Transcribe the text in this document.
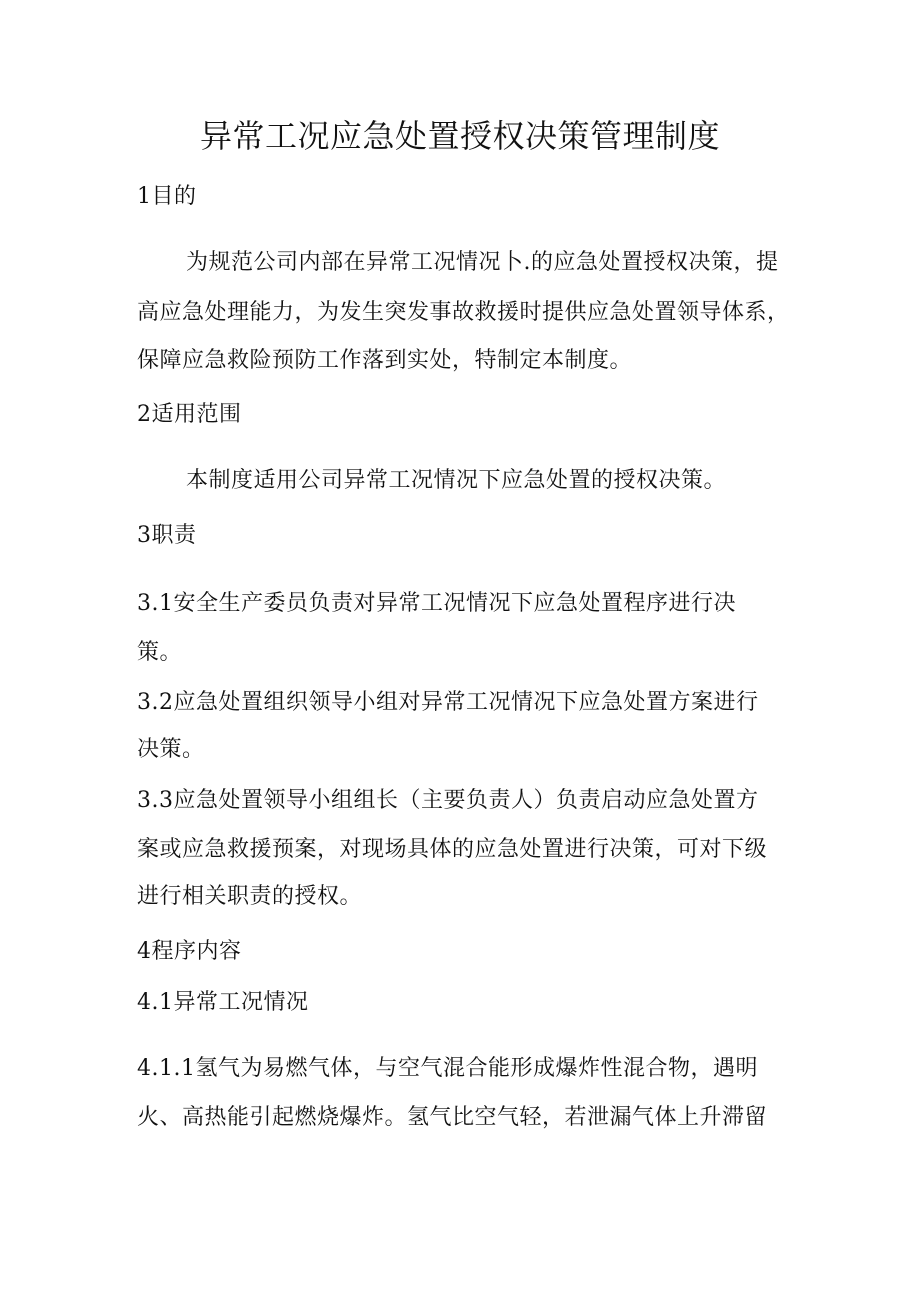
异常工况应急处置授权决策管理制度
1目的
为规范公司内部在异常工况情况卜.的应急处置授权决策，提
高应急处理能力，为发生突发事故救援时提供应急处置领导体系，
保障应急救险预防工作落到实处，特制定本制度。
2适用范围
本制度适用公司异常工况情况下应急处置的授权决策。
3职责
3.1安全生产委员负责对异常工况情况下应急处置程序进行决
策。
3.2应急处置组织领导小组对异常工况情况下应急处置方案进行
决策。
3.3应急处置领导小组组长（主要负责人）负责启动应急处置方
案或应急救援预案，对现场具体的应急处置进行决策，可对下级
进行相关职责的授权。
4程序内容
4.1异常工况情况
4.1.1氢气为易燃气体，与空气混合能形成爆炸性混合物，遇明
火、高热能引起燃烧爆炸。氢气比空气轻，若泄漏气体上升滞留
